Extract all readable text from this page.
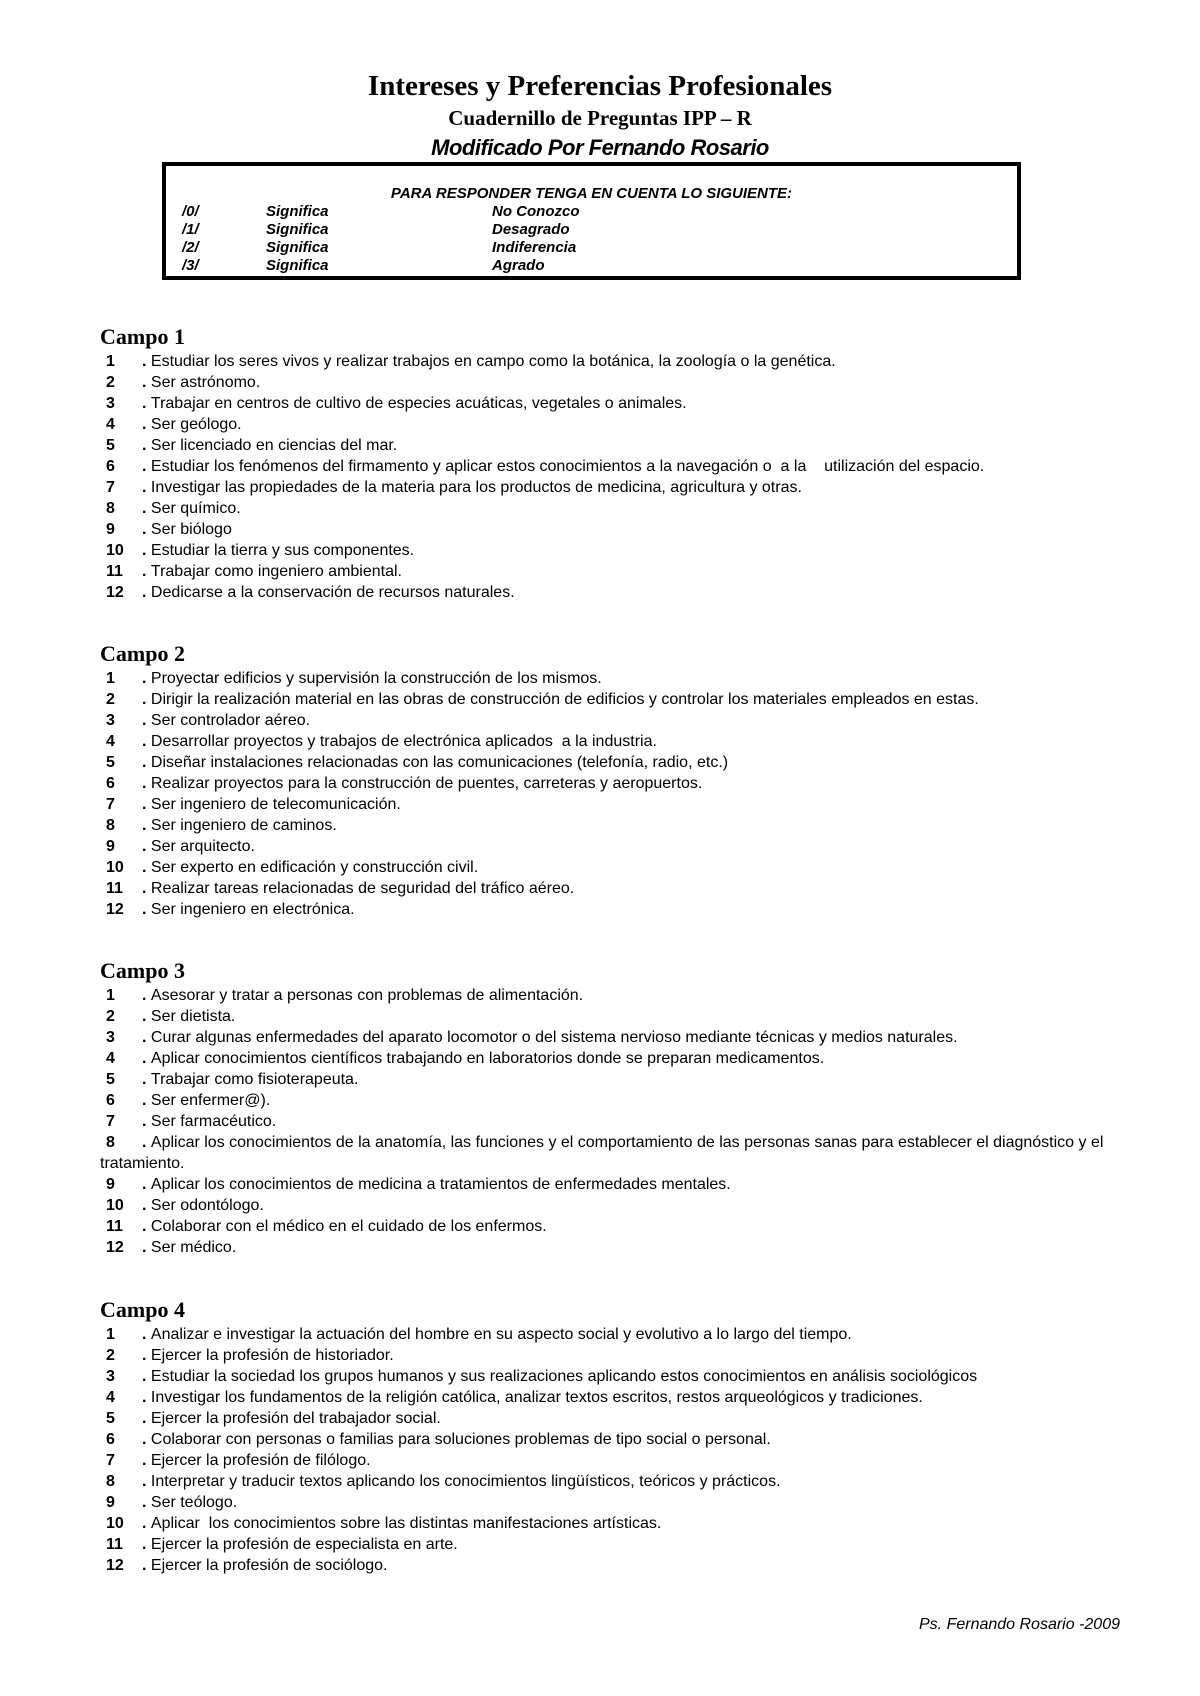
Intereses y Preferencias Profesionales
Cuadernillo de Preguntas IPP – R
Modificado Por Fernando Rosario
PARA RESPONDER TENGA EN CUENTA LO SIGUIENTE:
/0/	Significa	No Conozco
/1/	Significa	Desagrado
/2/	Significa	Indiferencia
/3/	Significa	Agrado
Campo 1
1	. Estudiar los seres vivos y realizar trabajos en campo como la botánica, la zoología o la genética.
2	. Ser astrónomo.
3	. Trabajar en centros de cultivo de especies acuáticas, vegetales o animales.
4	. Ser geólogo.
5	. Ser licenciado en ciencias del mar.
6	. Estudiar los fenómenos del firmamento y aplicar estos conocimientos a la navegación o  a la    utilización del espacio.
7	. Investigar las propiedades de la materia para los productos de medicina, agricultura y otras.
8	. Ser químico.
9	. Ser biólogo
10	. Estudiar la tierra y sus componentes.
11	. Trabajar como ingeniero ambiental.
12	. Dedicarse a la conservación de recursos naturales.
Campo 2
1	. Proyectar edificios y supervisión la construcción de los mismos.
2	. Dirigir la realización material en las obras de construcción de edificios y controlar los materiales empleados en estas.
3	. Ser controlador aéreo.
4	. Desarrollar proyectos y trabajos de electrónica aplicados  a la industria.
5	. Diseñar instalaciones relacionadas con las comunicaciones (telefonía, radio, etc.)
6	. Realizar proyectos para la construcción de puentes, carreteras y aeropuertos.
7	. Ser ingeniero de telecomunicación.
8	. Ser ingeniero de caminos.
9	. Ser arquitecto.
10	. Ser experto en edificación y construcción civil.
11	. Realizar tareas relacionadas de seguridad del tráfico aéreo.
12	. Ser ingeniero en electrónica.
Campo 3
1	. Asesorar y tratar a personas con problemas de alimentación.
2	. Ser dietista.
3	. Curar algunas enfermedades del aparato locomotor o del sistema nervioso mediante técnicas y medios naturales.
4	. Aplicar conocimientos científicos trabajando en laboratorios donde se preparan medicamentos.
5	. Trabajar como fisioterapeuta.
6	. Ser enfermer@).
7	. Ser farmacéutico.
8	. Aplicar los conocimientos de la anatomía, las funciones y el comportamiento de las personas sanas para establecer el diagnóstico y el tratamiento.
9	. Aplicar los conocimientos de medicina a tratamientos de enfermedades mentales.
10	. Ser odontólogo.
11	. Colaborar con el médico en el cuidado de los enfermos.
12	. Ser médico.
Campo 4
1	. Analizar e investigar la actuación del hombre en su aspecto social y evolutivo a lo largo del tiempo.
2	. Ejercer la profesión de historiador.
3	. Estudiar la sociedad los grupos humanos y sus realizaciones aplicando estos conocimientos en análisis sociológicos
4	. Investigar los fundamentos de la religión católica, analizar textos escritos, restos arqueológicos y tradiciones.
5	. Ejercer la profesión del trabajador social.
6	. Colaborar con personas o familias para soluciones problemas de tipo social o personal.
7	. Ejercer la profesión de filólogo.
8	. Interpretar y traducir textos aplicando los conocimientos lingüísticos, teóricos y prácticos.
9	. Ser teólogo.
10	. Aplicar  los conocimientos sobre las distintas manifestaciones artísticas.
11	. Ejercer la profesión de especialista en arte.
12	. Ejercer la profesión de sociólogo.
Ps. Fernando Rosario -2009
